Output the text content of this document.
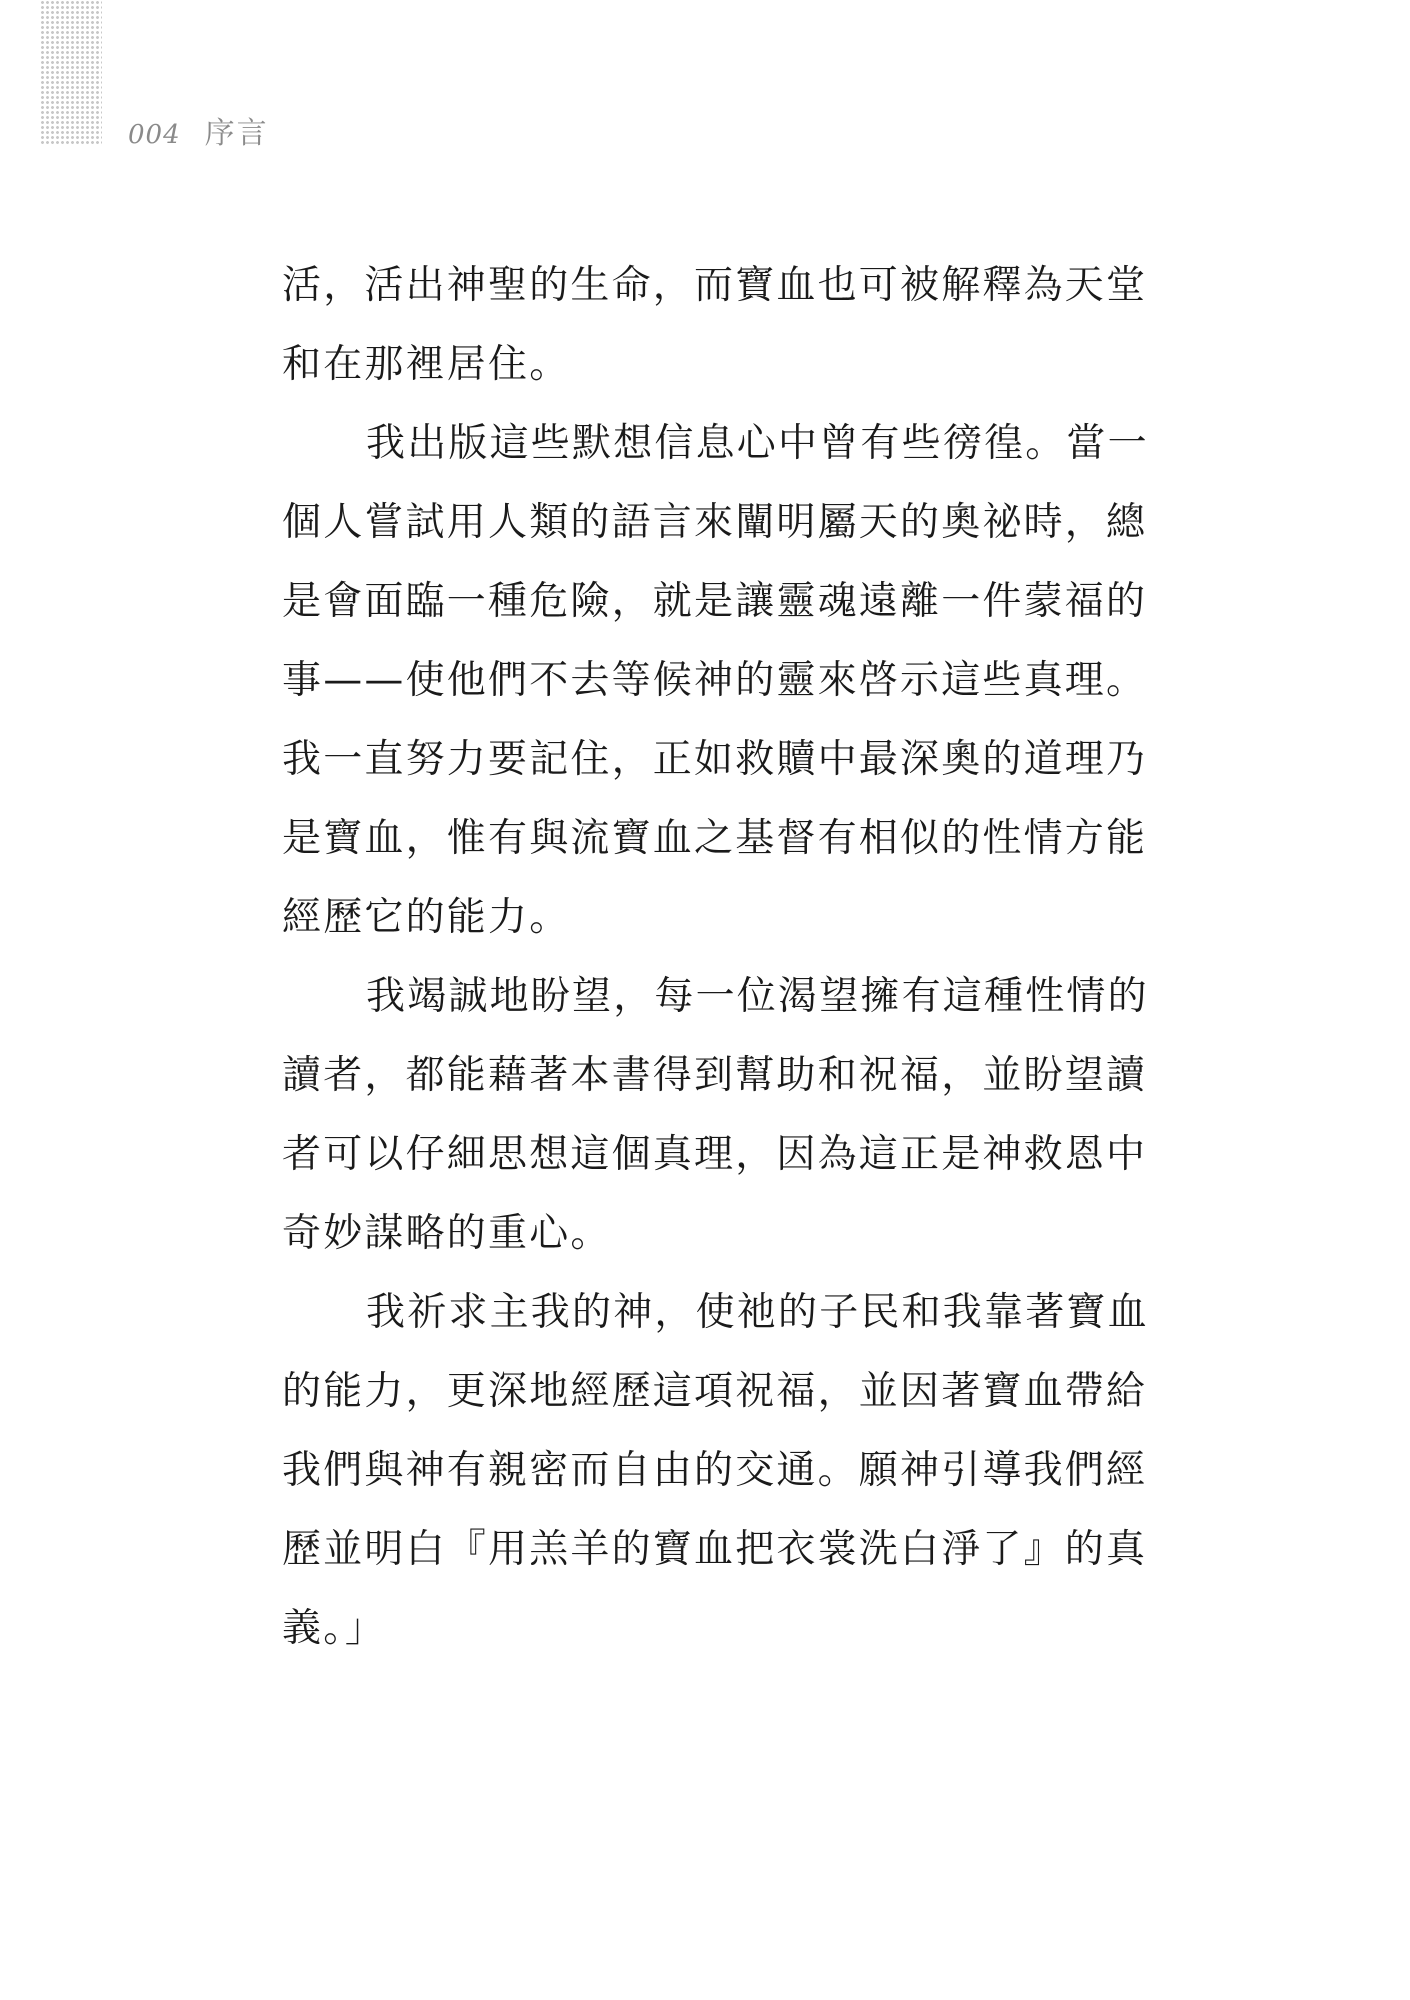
004 序言

活，活出神聖的生命，而寶血也可被解釋為天堂和在那裡居住。

我出版這些默想信息心中曾有些徬徨。當一個人嘗試用人類的語言來闡明屬天的奧祕時，總是會面臨一種危險，就是讓靈魂遠離一件蒙福的事——使他們不去等候神的靈來啓示這些真理。我一直努力要記住，正如救贖中最深奧的道理乃是寶血，惟有與流寶血之基督有相似的性情方能經歷它的能力。

我竭誠地盼望，每一位渴望擁有這種性情的讀者，都能藉著本書得到幫助和祝福，並盼望讀者可以仔細思想這個真理，因為這正是神救恩中奇妙謀略的重心。

我祈求主我的神，使祂的子民和我靠著寶血的能力，更深地經歷這項祝福，並因著寶血帶給我們與神有親密而自由的交通。願神引導我們經歷並明白『用羔羊的寶血把衣裳洗白淨了』的真義。」
